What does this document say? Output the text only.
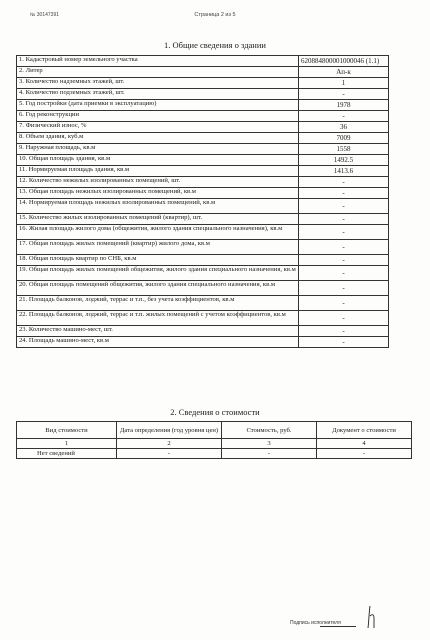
№ 30147391	Страница 2 из 5
1. Общие сведения о здании
1. Кадастровый номер земельного участка	620884800001000046 (1.1)
2. Литер	Ап-к
3. Количество надземных этажей, шт.	1
4. Количество подземных этажей, шт.	-
5. Год постройки (дата приемки в эксплуатацию)	1978
6. Год реконструкции	-
7. Физический износ, %	36
8. Объем здания, куб.м	7009
9. Наружная площадь, кв.м	1558
10. Общая площадь здания, кв.м	1492.5
11. Нормируемая площадь здания, кв.м	1413.6
12. Количество нежилых изолированных помещений, шт.	-
13. Общая площадь нежилых изолированных помещений, кв.м	-
14. Нормируемая площадь нежилых изолированных помещений, кв.м	-
15. Количество жилых изолированных помещений (квартир), шт.	-
16. Жилая площадь жилого дома (общежития, жилого здания специального назначения), кв.м	-
17. Общая площадь жилых помещений (квартир) жилого дома, кв.м	-
18. Общая площадь квартир по СНБ, кв.м	-
19. Общая площадь жилых помещений общежития, жилого здания специального назначения, кв.м	-
20. Общая площадь помещений общежития, жилого здания специального назначения, кв.м	-
21. Площадь балконов, лоджий, террас и т.п., без учета коэффициентов, кв.м	-
22. Площадь балконов, лоджий, террас и т.п. жилых помещений с учетом коэффициентов, кв.м	-
23. Количество машино-мест, шт.	-
24. Площадь машино-мест, кв.м	-
2. Сведения о стоимости
Вид стоимости	Дата определения (год уровня цен)	Стоимость, руб.	Документ о стоимости
1	2	3	4
Нет сведений	-	-	-
Подпись исполнителя
